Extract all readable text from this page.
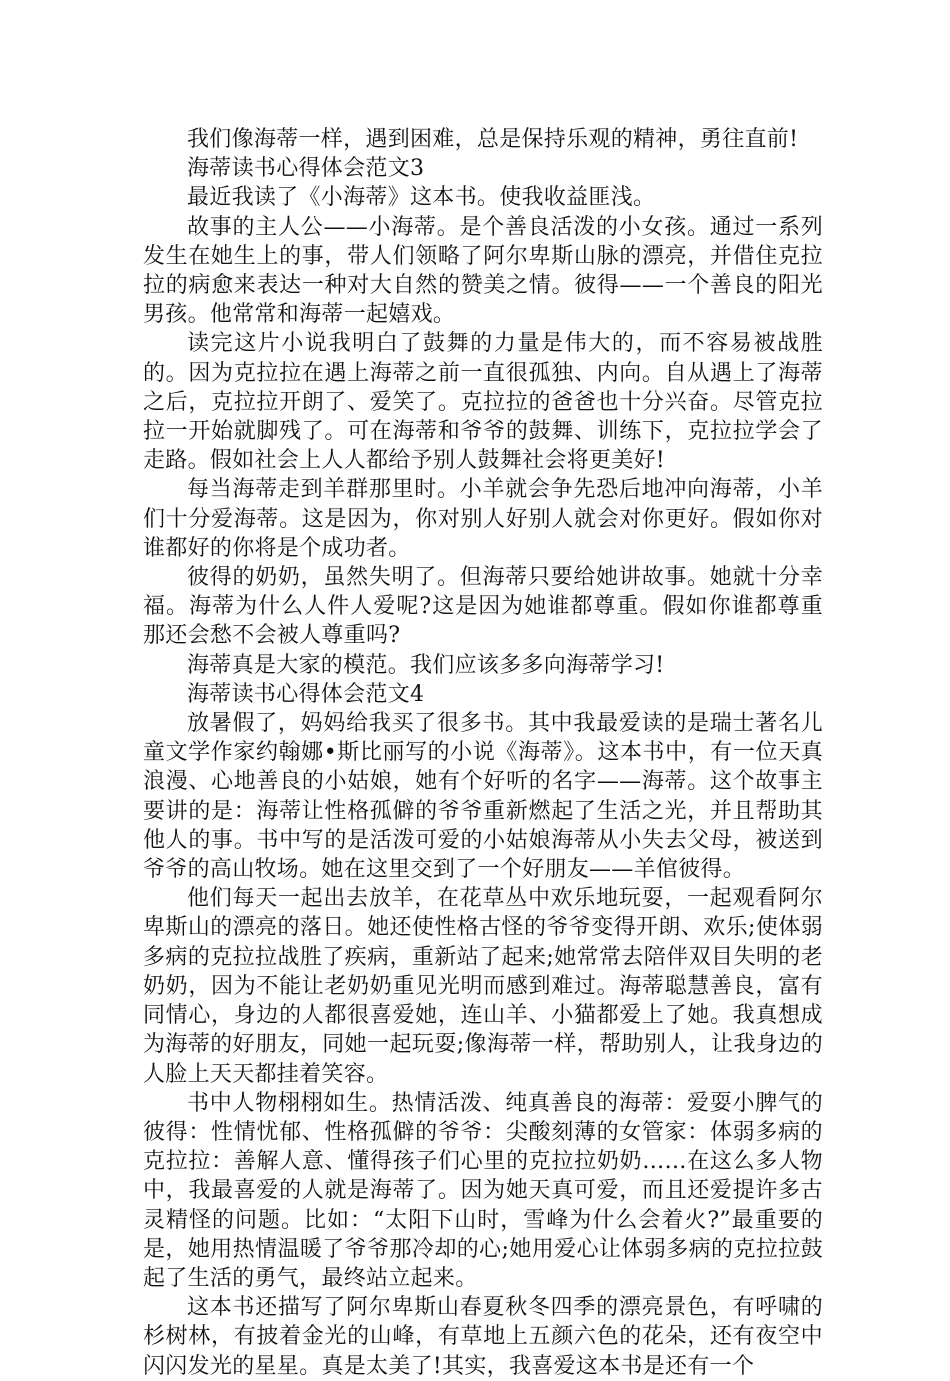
我们像海蒂一样，遇到困难，总是保持乐观的精神，勇往直前!

海蒂读书心得体会范文3

最近我读了《小海蒂》这本书。使我收益匪浅。

故事的主人公——小海蒂。是个善良活泼的小女孩。通过一系列发生在她生上的事，带人们领略了阿尔卑斯山脉的漂亮，并借住克拉拉的病愈来表达一种对大自然的赞美之情。彼得——一个善良的阳光男孩。他常常和海蒂一起嬉戏。

读完这片小说我明白了鼓舞的力量是伟大的，而不容易被战胜的。因为克拉拉在遇上海蒂之前一直很孤独、内向。自从遇上了海蒂之后，克拉拉开朗了、爱笑了。克拉拉的爸爸也十分兴奋。尽管克拉拉一开始就脚残了。可在海蒂和爷爷的鼓舞、训练下，克拉拉学会了走路。假如社会上人人都给予别人鼓舞社会将更美好!

每当海蒂走到羊群那里时。小羊就会争先恐后地冲向海蒂，小羊们十分爱海蒂。这是因为，你对别人好别人就会对你更好。假如你对谁都好的你将是个成功者。

彼得的奶奶，虽然失明了。但海蒂只要给她讲故事。她就十分幸福。海蒂为什么人件人爱呢?这是因为她谁都尊重。假如你谁都尊重那还会愁不会被人尊重吗?

海蒂真是大家的模范。我们应该多多向海蒂学习!

海蒂读书心得体会范文4

放暑假了，妈妈给我买了很多书。其中我最爱读的是瑞士著名儿童文学作家约翰娜•斯比丽写的小说《海蒂》。这本书中，有一位天真浪漫、心地善良的小姑娘，她有个好听的名字——海蒂。这个故事主要讲的是：海蒂让性格孤僻的爷爷重新燃起了生活之光，并且帮助其他人的事。书中写的是活泼可爱的小姑娘海蒂从小失去父母，被送到爷爷的高山牧场。她在这里交到了一个好朋友——羊倌彼得。

他们每天一起出去放羊，在花草丛中欢乐地玩耍，一起观看阿尔卑斯山的漂亮的落日。她还使性格古怪的爷爷变得开朗、欢乐;使体弱多病的克拉拉战胜了疾病，重新站了起来;她常常去陪伴双目失明的老奶奶，因为不能让老奶奶重见光明而感到难过。海蒂聪慧善良，富有同情心，身边的人都很喜爱她，连山羊、小猫都爱上了她。我真想成为海蒂的好朋友，同她一起玩耍;像海蒂一样，帮助别人，让我身边的人脸上天天都挂着笑容。

书中人物栩栩如生。热情活泼、纯真善良的海蒂：爱耍小脾气的彼得：性情忧郁、性格孤僻的爷爷：尖酸刻薄的女管家：体弱多病的克拉拉：善解人意、懂得孩子们心里的克拉拉奶奶……在这么多人物中，我最喜爱的人就是海蒂了。因为她天真可爱，而且还爱提许多古灵精怪的问题。比如：“太阳下山时，雪峰为什么会着火?”最重要的是，她用热情温暖了爷爷那冷却的心;她用爱心让体弱多病的克拉拉鼓起了生活的勇气，最终站立起来。

这本书还描写了阿尔卑斯山春夏秋冬四季的漂亮景色，有呼啸的杉树林，有披着金光的山峰，有草地上五颜六色的花朵，还有夜空中闪闪发光的星星。真是太美了!其实，我喜爱这本书是还有一个
